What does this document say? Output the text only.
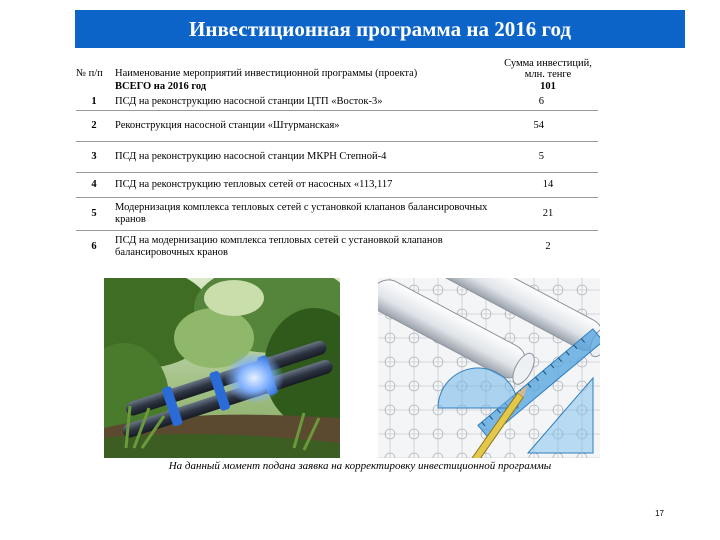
Инвестиционная программа на 2016 год
№ п/п	Наименование мероприятий инвестиционной программы (проекта)	Сумма инвестиций, млн. тенге
	ВСЕГО на 2016 год	101
1	ПСД на реконструкцию насосной станции ЦТП «Восток-3»	6
2	Реконструкция насосной станции «Штурманская»	54
3	ПСД на реконструкцию насосной станции МКРН Степной-4	5
4	ПСД на реконструкцию тепловых сетей от насосных «113,117	14
5	Модернизация комплекса тепловых сетей с установкой клапанов балансировочных кранов	21
6	ПСД на модернизацию комплекса тепловых сетей с установкой клапанов балансировочных кранов	2
На данный момент подана заявка на корректировку инвестиционной программы
17
